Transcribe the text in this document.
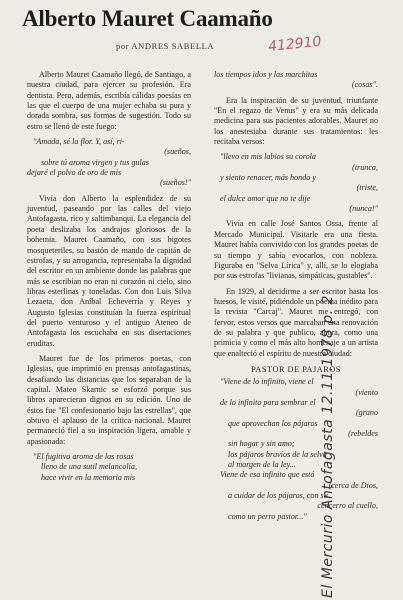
Alberto Mauret Caamaño
por ANDRES SABELLA	412910

Alberto Mauret Caamaño llegó, de Santiago, a nuestra ciudad, para ejercer su profesión. Era dentista. Pero, además, escribía cálidas poesías en las que el cuerpo de una mujer echaba su pura y dorada sombra, sus formas de sugestión. Todo su estro se llenó de este fuego:

"Amada, sé la flor. Y, así, ri-
(sueños,
sobre tú aroma virgen y tus gulas
dejaré el polvo de oro de mis
(sueños!"

Vivía don Alberto la esplendidez de su juventud, paseando por las calles del viejo Antofagasta, rico y saltimbanqui. La elegancia del poeta deslizaba los andrajos gloriosos de la bohemia. Mauret Caamaño, con sus bigotes mosqueteriles, su bastón de mando de capitán de estrofas, y su arrogancia, representaba la dignidad del escritor en un ambiente donde las palabras que más se escribían no eran ni corazón ni cielo, sino libras esterlinas y toneladas. Con don Luis Silva Lezaeta, don Aníbal Echeverría y Reyes y Augusto Iglesias constituían la fuerza espiritual del puerto venturoso y el antiguo Ateneo de Antofagasta los escuchaba en sus disertaciones eruditas.

Mauret fue de los primeros poetas, con Iglesias, que imprimió en prensas antofagastinas, desafiando las distancias que los separaban de la capital. Mateo Skarnic se esforzó porque sus libros aparecieran dignos en su edición. Uno de éstos fue "El confesionario bajo las estrellas", que obtuvo el aplauso de la crítica nacional. Mauret permaneció fiel a su inspiración ligera, amable y apasionada:

"El fugitivo aroma de las rosas
lleno de una sutil melancolía,
hace vivir en la memoria mis
los tiempos idos y las marchitas
(cosas".

Era la inspiración de su juventud, triunfante "En el regazo de Venus" y era su más delicada medicina para sus pacientes adorables. Mauret no los anestesiaba durante sus tratamientos: les recitaba versos:

"llevo en mis labios su corola
(trunca,
y siento renacer, más hondo y
(triste,
el dulce amor que no te dije
(nunca!"

Vivía en calle José Santos Ossa, frente al Mercado Municipal. Visitarle era una fiesta. Mauret había convivido con los grandes poetas de su tiempo y sabía evocarlos, con nobleza. Figuraba en "Selva Lírica" y, allí, se lo elogiaba por sus estrofas "livianas, simpáticas, gustables".

En 1929, al decidirme a ser escritor hasta los huesos, le visité, pidiéndole un poema inédito para la revista "Carcaj". Mauret me entregó, con fervor, estos versos que marcaban una renovación de su palabra y que publico, ahora, como una primicia y como el más alto homenaje a un artista que enalteció el espíritu de nuestra ciudad:

PASTOR DE PAJAROS
"Viene de lo infinito, viene el
(viento
de lo infinito para sembrar el
(grano
que aprovechan los pájaros
(rebeldes
sin hogar y sin amo;
los pájaros bravíos de la selva
al margen de la ley...
Viene de esa infinito que está
(cerca de Dios,
a cuidar de los pájaros, con su
cencerro al cuello,
como un perro pastor..." El Mercurio Antofagasta 12.11.1978 p. 2
